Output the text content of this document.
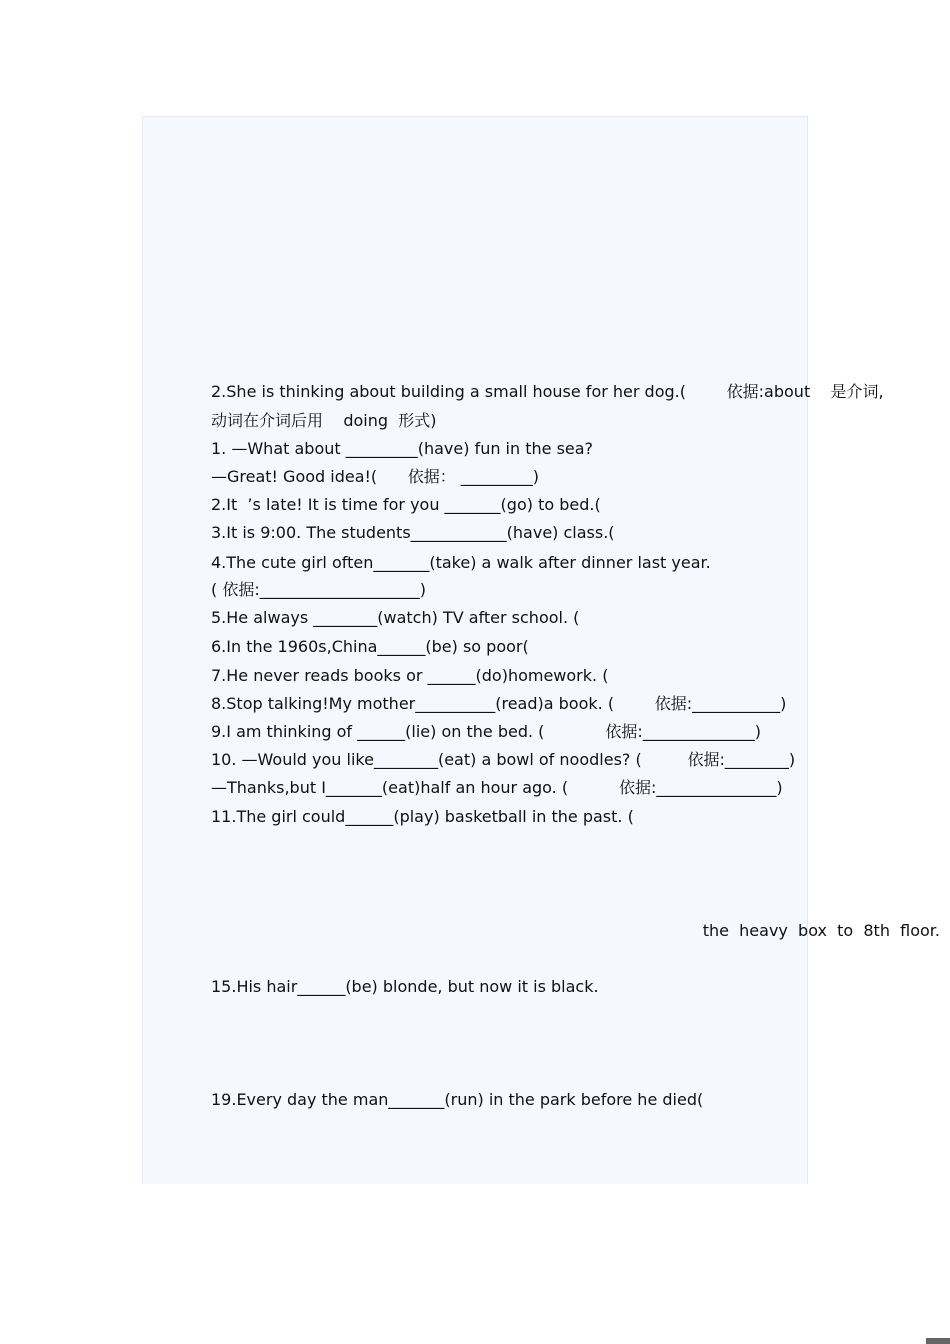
2.She is thinking about building a small house for her dog.(        依据:about    是介词,
动词在介词后用    doing  形式)
1. —What about _________(have) fun in the sea?
—Great! Good idea!(      依据： _________)
2.It  ’s late! It is time for you _______(go) to bed.(
3.It is 9:00. The students____________(have) class.(
4.The cute girl often_______(take) a walk after dinner last year.
( 依据:____________________)
5.He always ________(watch) TV after school. (
6.In the 1960s,China______(be) so poor(
7.He never reads books or ______(do)homework. (
8.Stop talking!My mother__________(read)a book. (        依据:___________)
9.I am thinking of ______(lie) on the bed. (            依据:______________)
10. —Would you like________(eat) a bowl of noodles? (         依据:________)
—Thanks,but I_______(eat)half an hour ago. (          依据:_______________)
11.The girl could______(play) basketball in the past. (
the  heavy  box  to  8th  floor.
15.His hair______(be) blonde, but now it is black.
19.Every day the man_______(run) in the park before he died(
